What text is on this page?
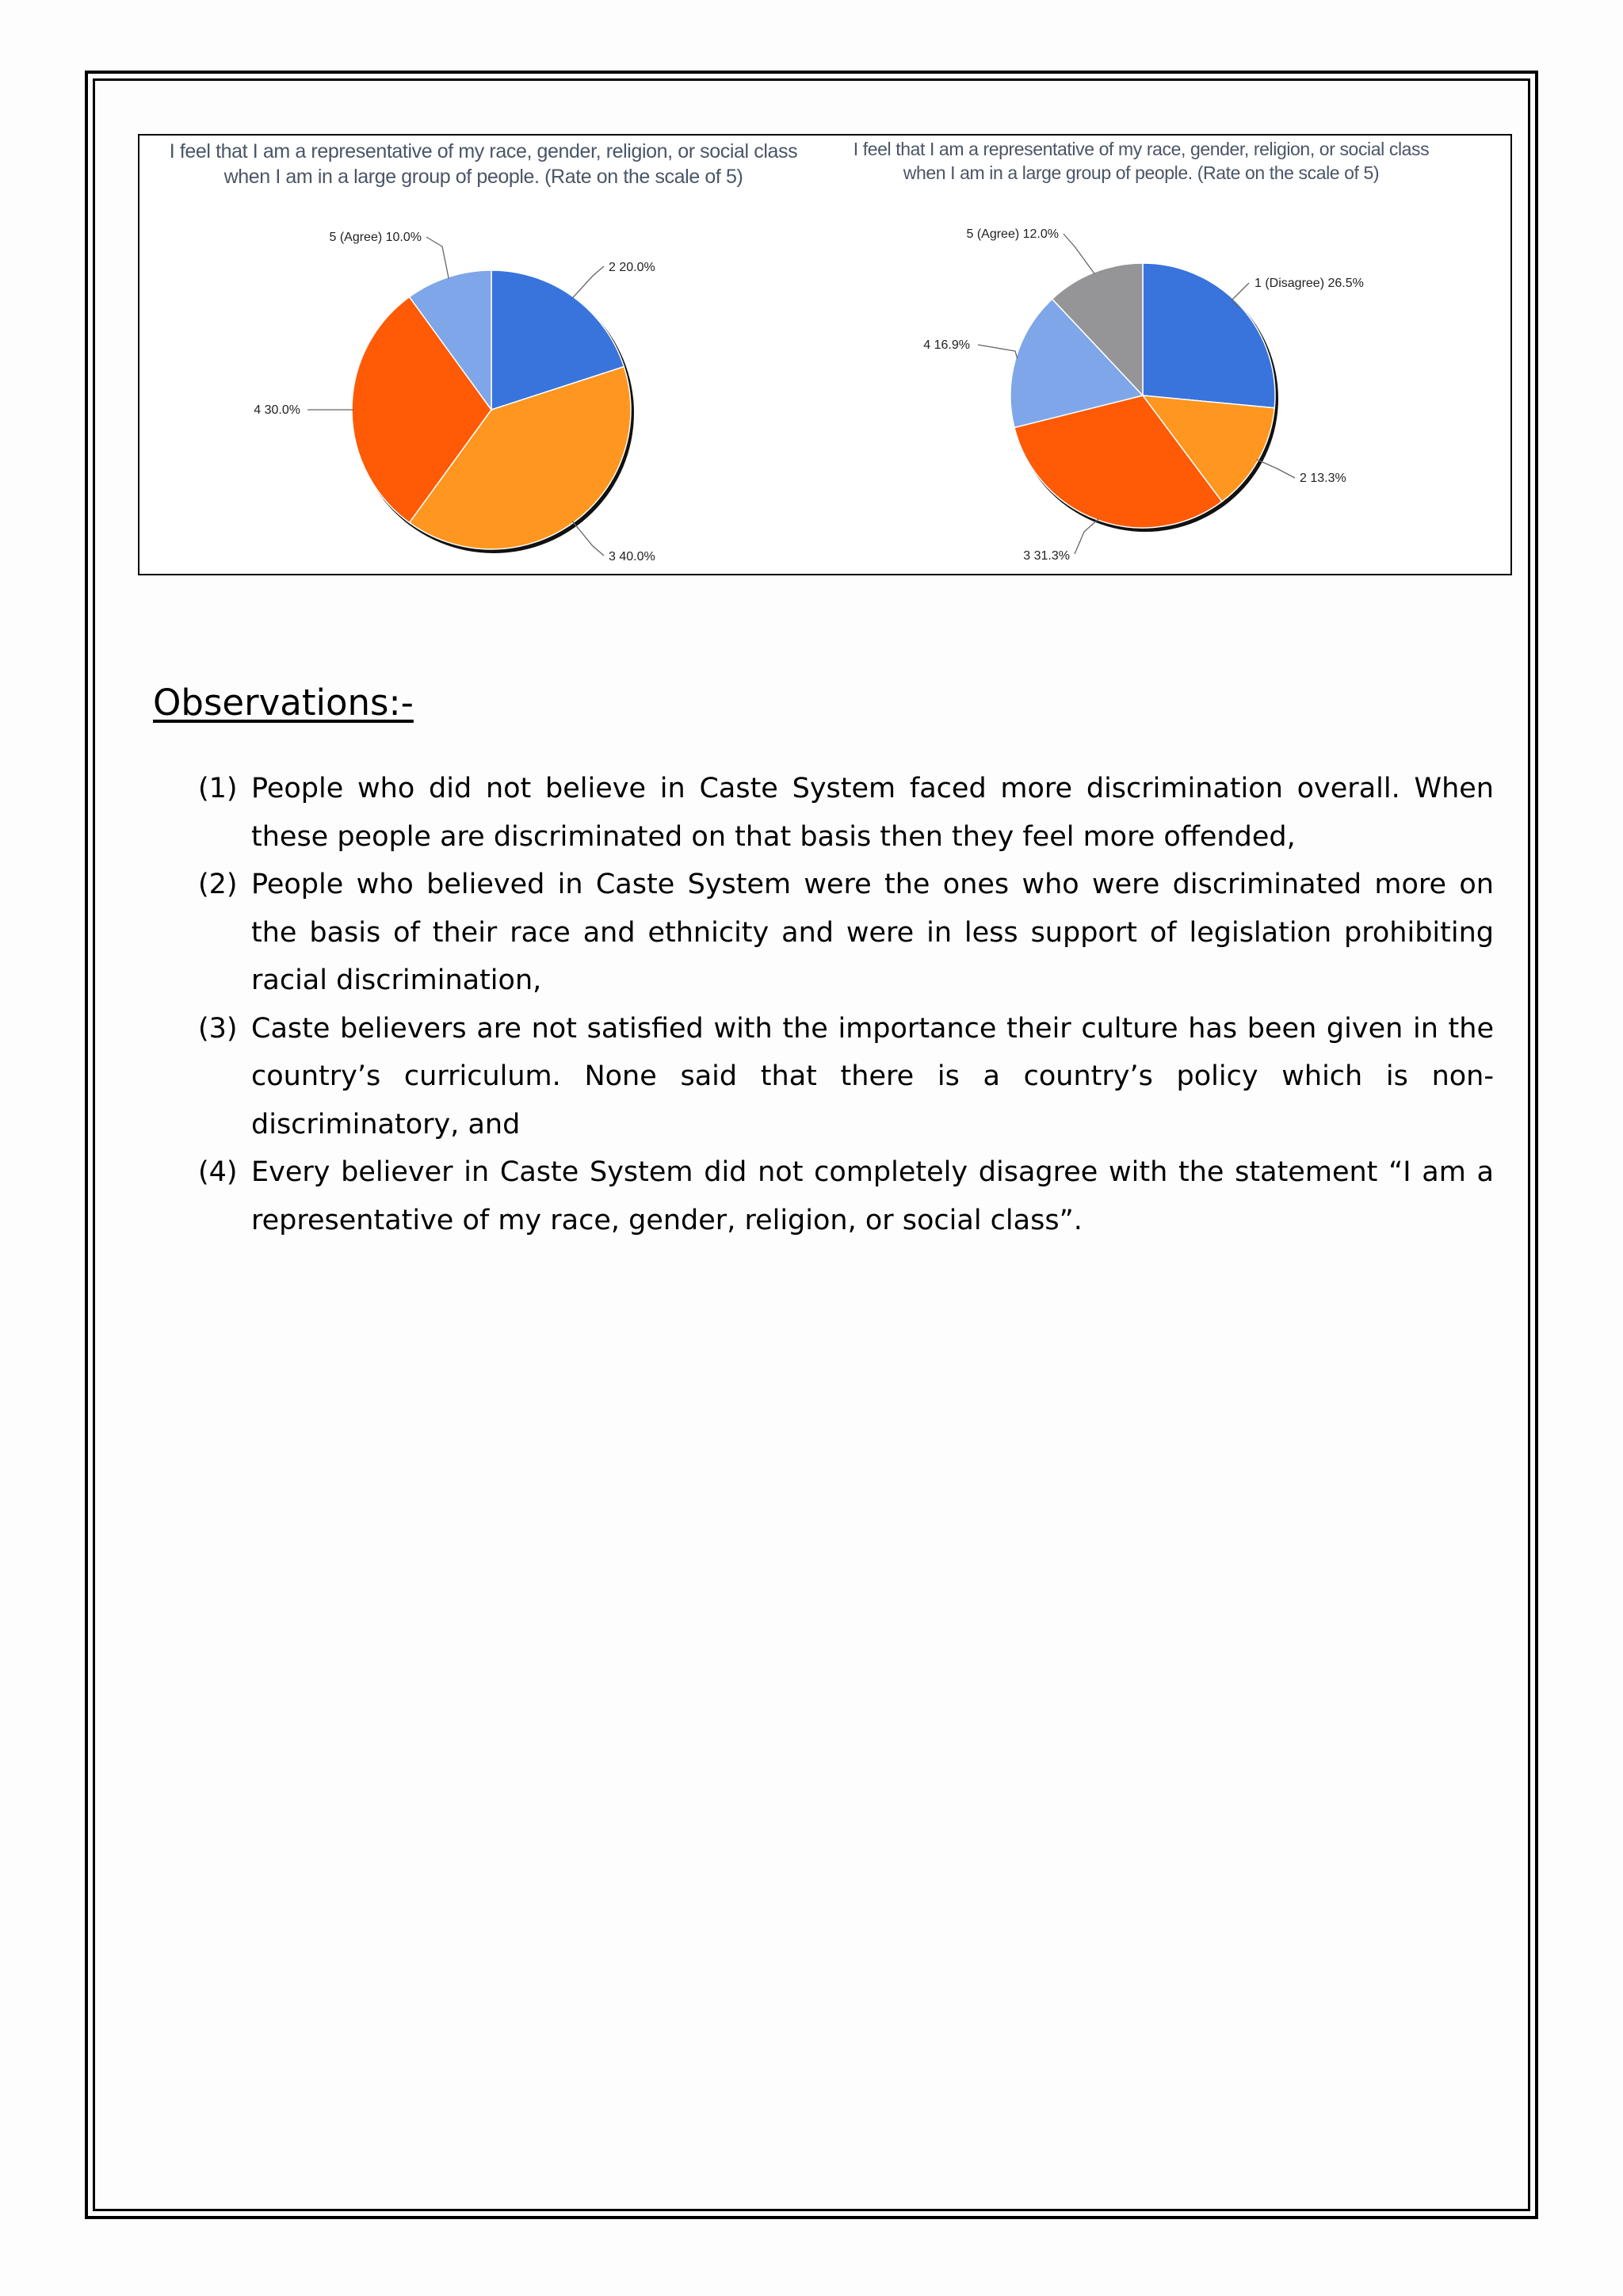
I feel that I am a representative of my race, gender, religion, or social class
when I am in a large group of people. (Rate on the scale of 5)
I feel that I am a representative of my race, gender, religion, or social class
when I am in a large group of people. (Rate on the scale of 5)
2 20.0%
3 40.0%
4 30.0%
5 (Agree) 10.0%
1 (Disagree) 26.5%
2 13.3%
3 31.3%
4 16.9%
5 (Agree) 12.0%
Observations:-
(1) People who did not believe in Caste System faced more discrimination overall. When these people are discriminated on that basis then they feel more offended,
(2) People who believed in Caste System were the ones who were discriminated more on the basis of their race and ethnicity and were in less support of legislation prohibiting racial discrimination,
(3) Caste believers are not satisfied with the importance their culture has been given in the country’s curriculum. None said that there is a country’s policy which is non-discriminatory, and
(4) Every believer in Caste System did not completely disagree with the statement “I am a representative of my race, gender, religion, or social class”.
